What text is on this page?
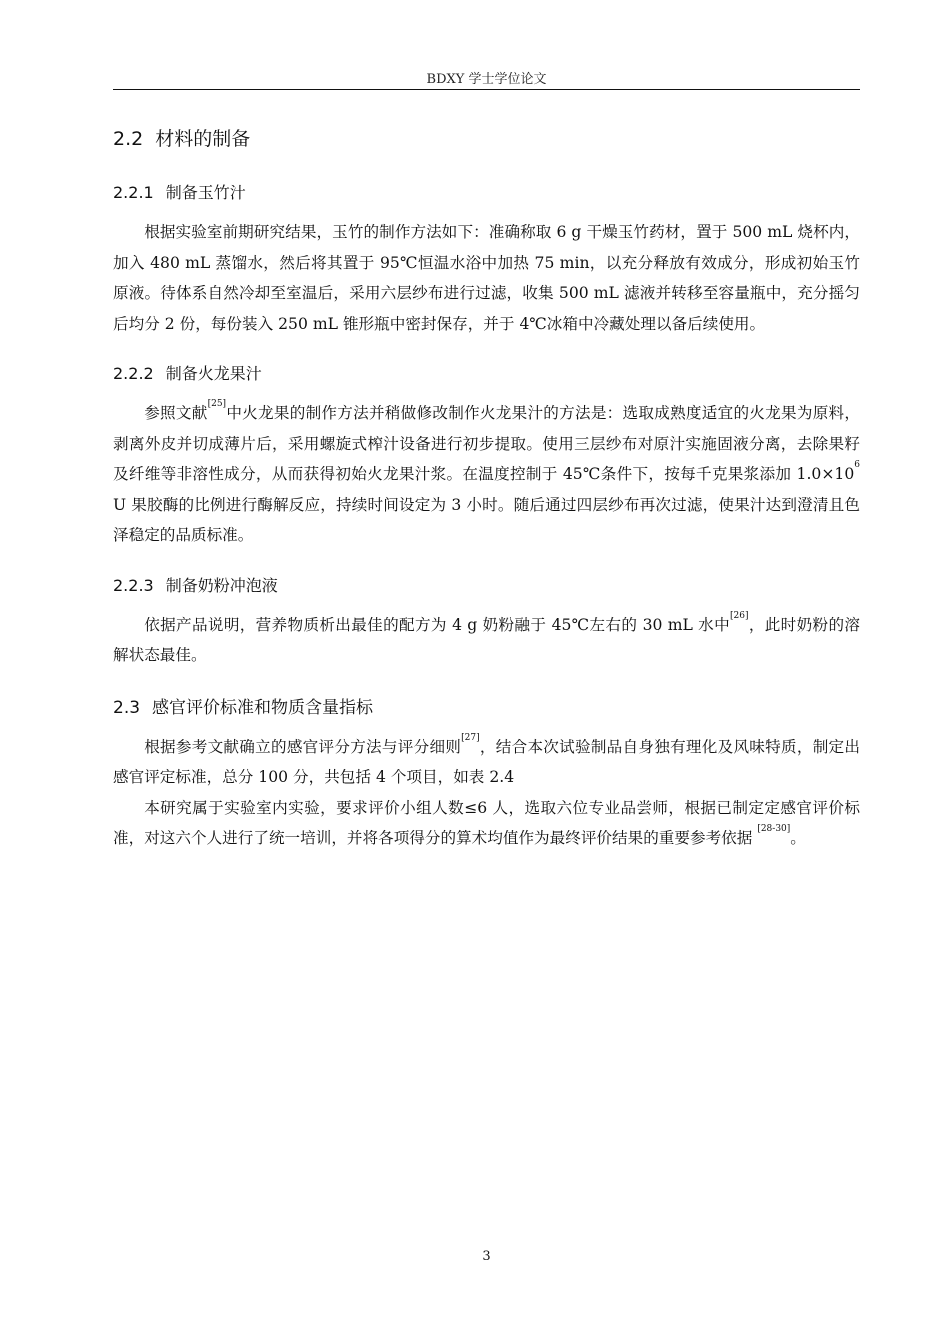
BDXY 学士学位论文
2.2 材料的制备
2.2.1 制备玉竹汁

根据实验室前期研究结果，玉竹的制作方法如下：准确称取 6 g 干燥玉竹药材，置于 500 mL 烧杯内，加入 480 mL 蒸馏水，然后将其置于 95℃恒温水浴中加热 75 min，以充分释放有效成分，形成初始玉竹原液。待体系自然冷却至室温后，采用六层纱布进行过滤，收集 500 mL 滤液并转移至容量瓶中，充分摇匀后均分 2 份，每份装入 250 mL 锥形瓶中密封保存，并于 4℃冰箱中冷藏处理以备后续使用。

2.2.2 制备火龙果汁

参照文献[25]中火龙果的制作方法并稍做修改制作火龙果汁的方法是：选取成熟度适宜的火龙果为原料，剥离外皮并切成薄片后，采用螺旋式榨汁设备进行初步提取。使用三层纱布对原汁实施固液分离，去除果籽及纤维等非溶性成分，从而获得初始火龙果汁浆。在温度控制于 45℃条件下，按每千克果浆添加 $1.0\times 10^6$ U 果胶酶的比例进行酶解反应，持续时间设定为 3 小时。随后通过四层纱布再次过滤，使果汁达到澄清且色泽稳定的品质标准。

2.2.3 制备奶粉冲泡液

依据产品说明，营养物质析出最佳的配方为 4 g 奶粉融于 45℃左右的 30 mL 水中[26]，此时奶粉的溶解状态最佳。

2.3 感官评价标准和物质含量指标

根据参考文献确立的感官评分方法与评分细则[27]，结合本次试验制品自身独有理化及风味特质，制定出感官评定标准，总分 100 分，共包括 4 个项目，如表 2.4

本研究属于实验室内实验，要求评价小组人数≤6 人，选取六位专业品尝师，根据已制定定感官评价标准，对这六个人进行了统一培训，并将各项得分的算术均值作为最终评价结果的重要参考依据 [28-30]。

3
